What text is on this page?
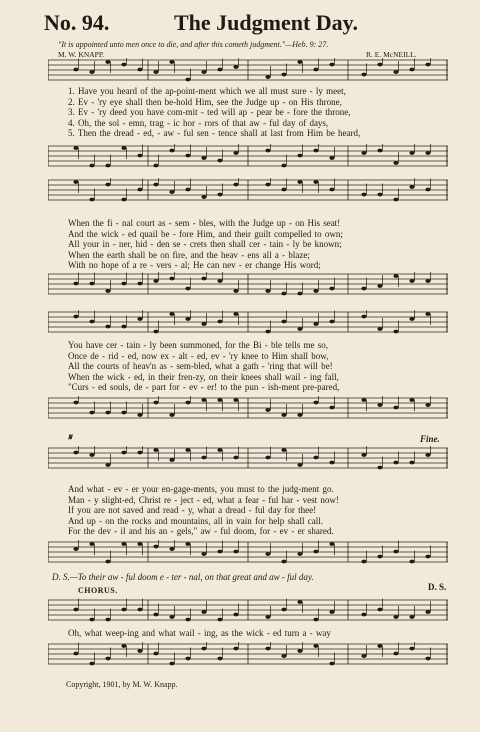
No. 94.	The Judgment Day.
"It is appointed unto men once to die, and after this cometh judgment."—Heb. 9: 27.
M. W. KNAPP.	R. E. McNEILL.
1. Have you heard of the ap-point-ment which we all must sure - ly meet,
2. Ev - 'ry eye shall then be-hold Him, see the Judge up - on His throne,
3. Ev - 'ry deed you have com-mit - ted will ap - pear be - fore the throne,
4. Oh, the sol - emn, trag - ic hor - rors of that aw - ful day of days,
5. Then the dread - ed, - aw - ful sen - tence shall at last from Him be heard,
When the fi - nal court as - sem - bles, with the Judge up - on His seat!
And the wick - ed quail be - fore Him, and their guilt compelled to own;
All your in - ner, hid - den se - crets then shall cer - tain - ly be known;
When the earth shall be on fire, and the heav - ens all a - blaze;
With no hope of a re - vers - al; He can nev - er change His word;
You have cer - tain - ly been summoned, for the Bi - ble tells me so,
Once de - rid - ed, now ex - alt - ed, ev - 'ry knee to Him shall bow,
All the courts of heav'n as - sem-bled, what a gath - 'ring that will be!
When the wick - ed, in their fren-zy, on their knees shall wail - ing fall,
"Curs - ed souls, de - part for - ev - er! to the pun - ish-ment pre-pared,
𝄋	Fine.
And what - ev - er your en-gage-ments, you must to the judg-ment go.
Man - y slight-ed, Christ re - ject - ed, what a fear - ful har - vest now!
If you are not saved and read - y, what a dread - ful day for thee!
And up - on the rocks and mountains, all in vain for help shall call.
For the dev - il and his an - gels," aw - ful doom, for - ev - er shared.
D. S.—To their aw - ful doom e - ter - nal, on that great and aw - ful day.
CHORUS.	D. S.
Oh, what weep-ing and what wail - ing, as the wick - ed turn a - way
Copyright, 1901, by M. W. Knapp.
